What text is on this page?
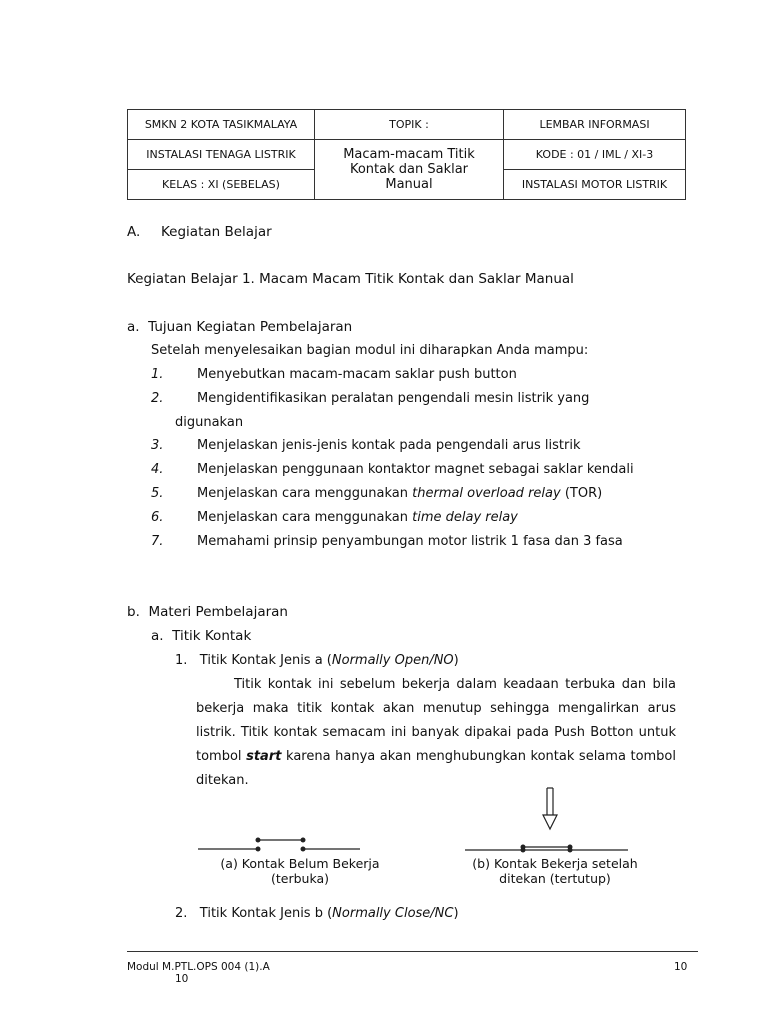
SMKN 2 KOTA TASIKMALAYA	TOPIK :	LEMBAR INFORMASI
INSTALASI TENAGA LISTRIK	Macam-macam Titik Kontak dan Saklar Manual	KODE : 01 / IML / XI-3
KELAS : XI (SEBELAS)		INSTALASI MOTOR LISTRIK
A. Kegiatan Belajar
Kegiatan Belajar 1. Macam Macam Titik Kontak dan Saklar Manual
a.  Tujuan Kegiatan Pembelajaran
Setelah menyelesaikan bagian modul ini diharapkan Anda mampu:
1.	Menyebutkan macam-macam saklar push button
2.	Mengidentifikasikan peralatan pengendali mesin listrik yang
digunakan
3.	Menjelaskan jenis-jenis kontak pada pengendali arus listrik
4.	Menjelaskan penggunaan kontaktor magnet sebagai saklar kendali
5.	Menjelaskan cara menggunakan thermal overload relay (TOR)
6.	Menjelaskan cara menggunakan time delay relay
7.	Memahami prinsip penyambungan motor listrik 1 fasa dan 3 fasa
b.  Materi Pembelajaran
a.  Titik Kontak
1.   Titik Kontak Jenis a (Normally Open/NO)
Titik kontak ini sebelum bekerja dalam keadaan terbuka dan bila bekerja maka titik kontak akan menutup sehingga mengalirkan arus listrik. Titik kontak semacam ini banyak dipakai pada Push Botton untuk tombol start karena hanya akan menghubungkan kontak selama tombol ditekan.
(a) Kontak Belum Bekerja
(terbuka)
(b) Kontak Bekerja setelah
ditekan (tertutup)
2.   Titik Kontak Jenis b (Normally Close/NC)
Modul M.PTL.OPS 004 (1).A	10
10
